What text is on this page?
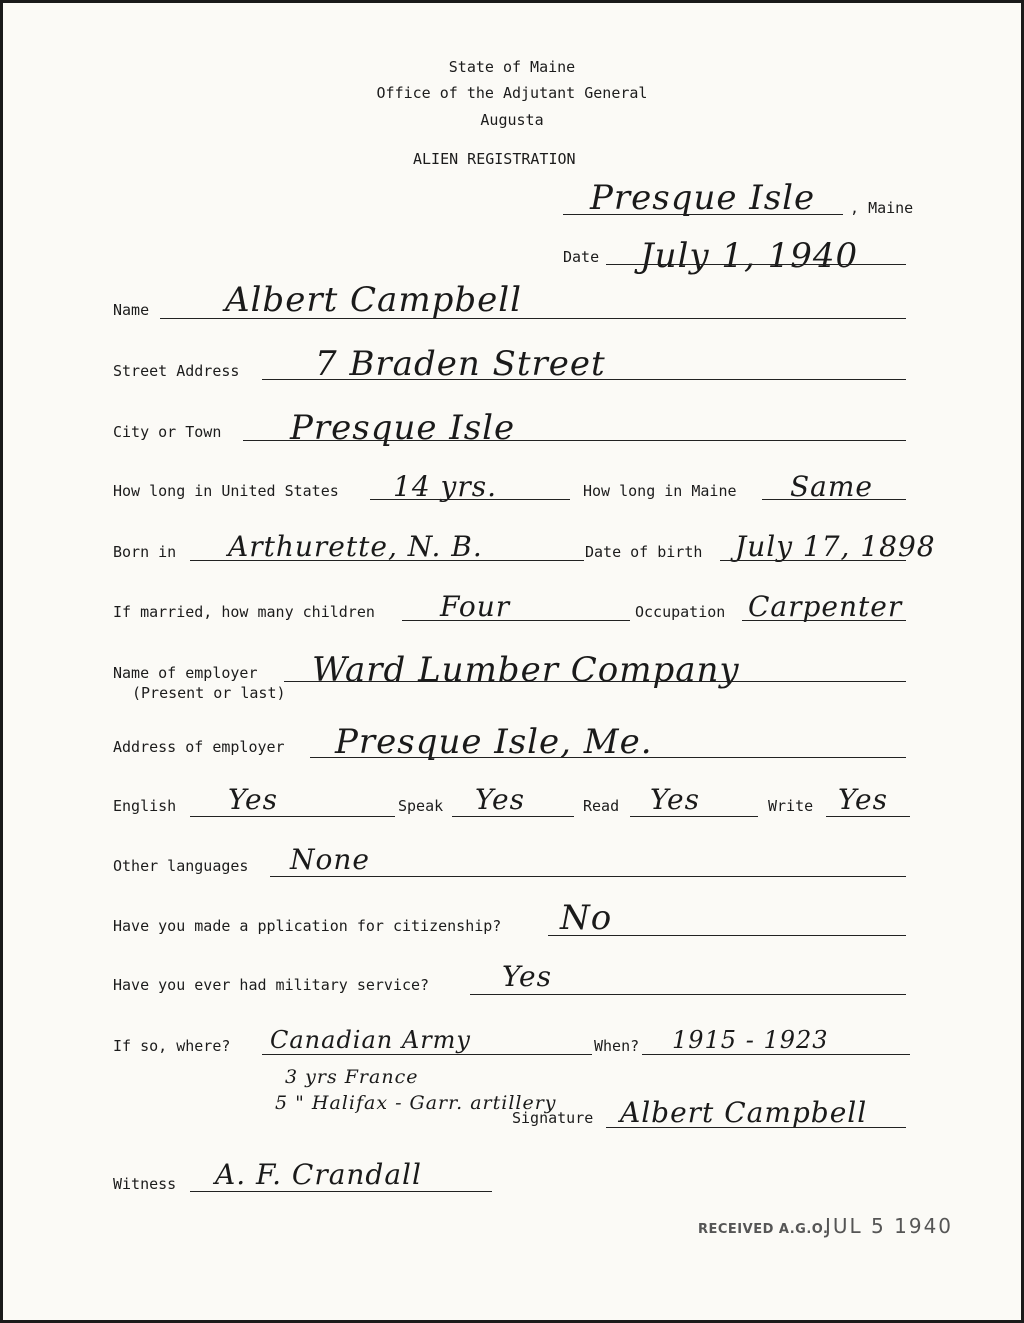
State of Maine
Office of the Adjutant General
Augusta
ALIEN REGISTRATION
Presque Isle , Maine
Date July 1, 1940
Name Albert Campbell
Street Address 7 Braden Street
City or Town Presque Isle
How long in United States 14 yrs.	How long in Maine Same
Born in Arthurette, N. B.	Date of birth July 17, 1898
If married, how many children Four	Occupation Carpenter
Name of employer
(Present or last)
Ward Lumber Company
Address of employer Presque Isle, Me.
English Yes	Speak Yes	Read Yes	Write Yes
Other languages None
Have you made a pplication for citizenship? No
Have you ever had military service?	Yes
If so, where? Canadian Army	When? 1915 - 1923
3 yrs France
5 " Halifax - Garr. artillery
Signature Albert Campbell
Witness A. F. Crandall
RECEIVED A.G.O.
JUL 5 1940
